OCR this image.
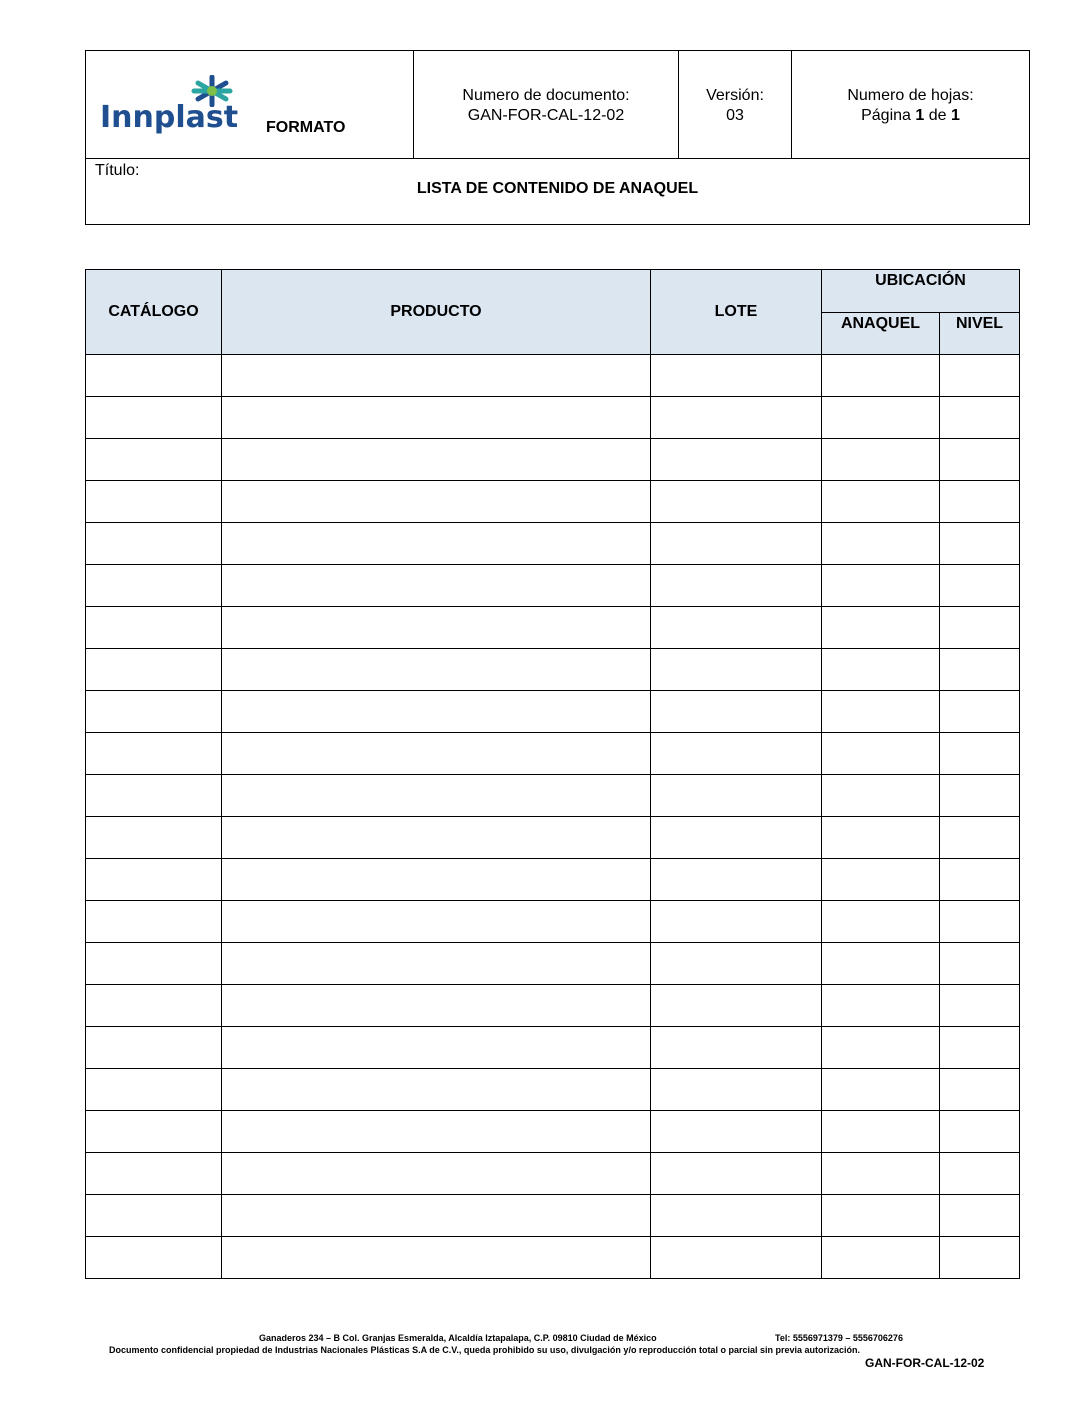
Innplast FORMATO

Numero de documento:
GAN-FOR-CAL-12-02

Versión:
03

Numero de hojas:
Página 1 de 1

Título:
LISTA DE CONTENIDO DE ANAQUEL
CATÁLOGO	PRODUCTO	LOTE	UBICACIÓN	
			ANAQUEL	NIVEL

Ganaderos 234 – B Col. Granjas Esmeralda, Alcaldía Iztapalapa, C.P. 09810 Ciudad de México	Tel: 5556971379 – 5556706276
Documento confidencial propiedad de Industrias Nacionales Plásticas S.A de C.V., queda prohibido su uso, divulgación y/o reproducción total o parcial sin previa autorización.
GAN-FOR-CAL-12-02
